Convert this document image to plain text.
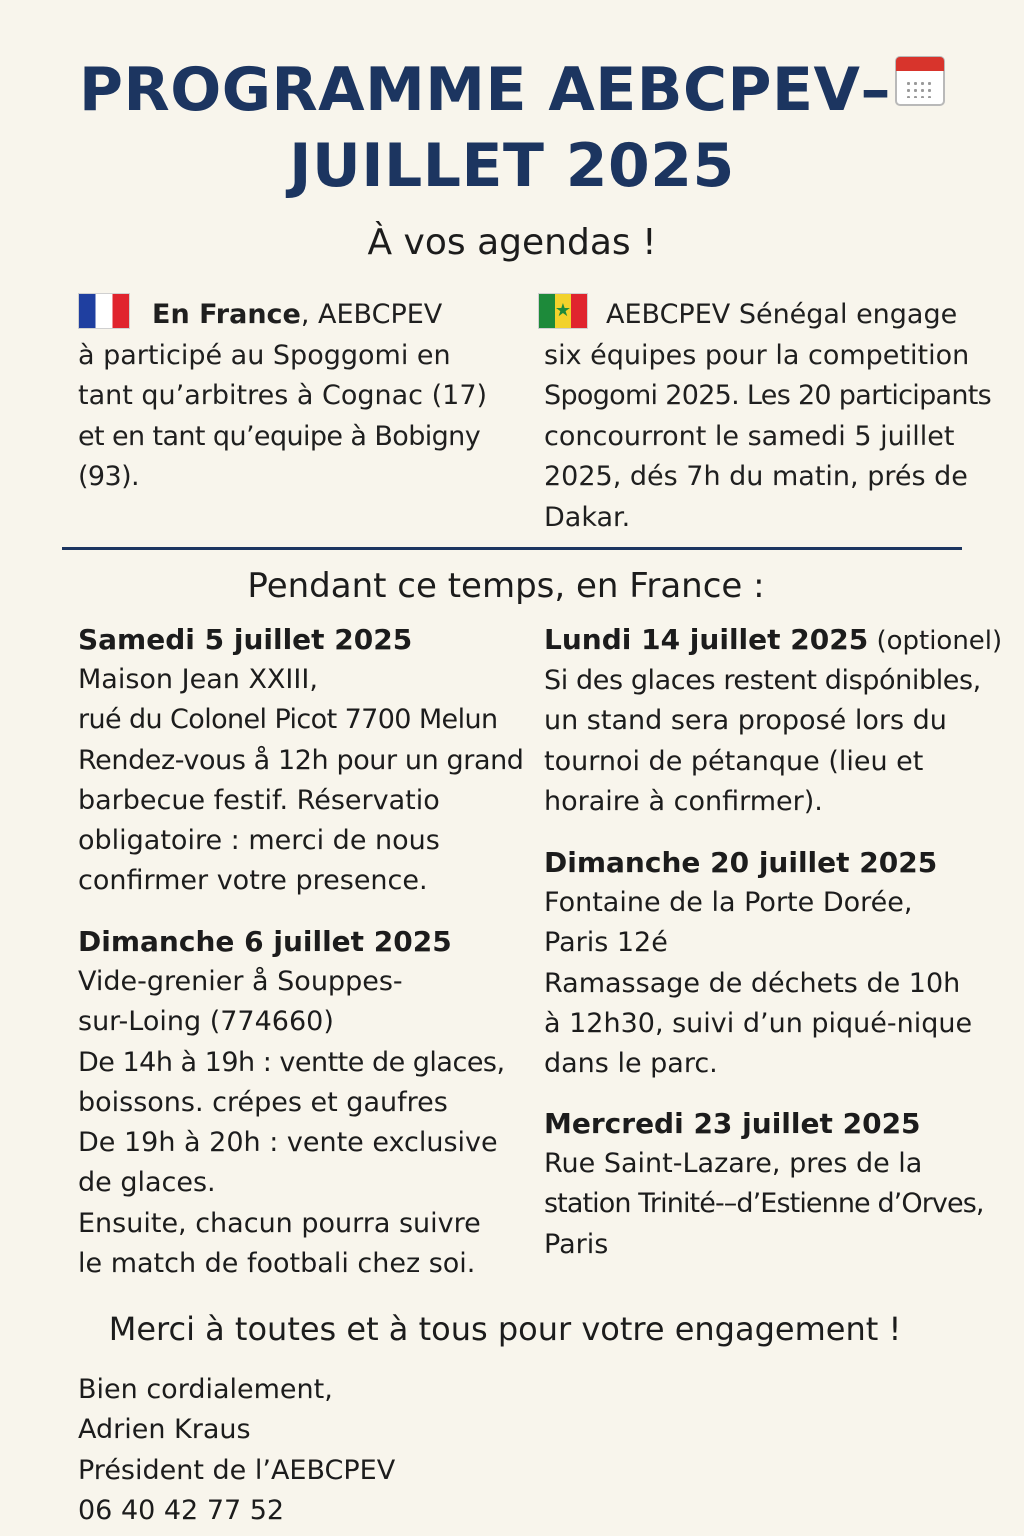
PROGRAMME AEBCPEV–
JUILLET 2025
À vos agendas !
En France, AEBCPEV
à participé au Spoggomi en
tant qu’arbitres à Cognac (17)
et en tant qu’equipe à Bobigny (93).
★AEBCPEV Sénégal engage
six équipes pour la competition
Spogomi 2025. Les 20 participants
concourront le samedi 5 juillet
2025, dés 7h du matin, prés de
Dakar.
Pendant ce temps, en France :
Samedi 5 juillet 2025
Maison Jean XXIII,
rué du Colonel Picot 7700 Melun
Rendez-vous å 12h pour un grand
barbecue festif. Réservatio
obligatoire : merci de nous
confirmer votre presence.
Dimanche 6 juillet 2025
Vide-grenier å Souppes-
sur-Loing (774660)
De 14h à 19h : ventte de glaces,
boissons. crépes et gaufres
De 19h à 20h : vente exclusive
de glaces.
Ensuite, chacun pourra suivre
le match de footbali chez soi.
Lundi 14 juillet 2025 (optionel)
Si des glaces restent dispónibles,
un stand sera proposé lors du
tournoi de pétanque (lieu et
horaire à confirmer).
Dimanche 20 juillet 2025
Fontaine de la Porte Dorée,
Paris 12é
Ramassage de déchets de 10h
à 12h30, suivi d’un piqué-nique
dans le parc.
Mercredi 23 juillet 2025
Rue Saint-Lazare, pres de la
station Trinité-–d’Estienne d’Orves,
Paris
Merci à toutes et à tous pour votre engagement !
Bien cordialement,
Adrien Kraus
Président de l’AEBCPEV
06 40 42 77 52
